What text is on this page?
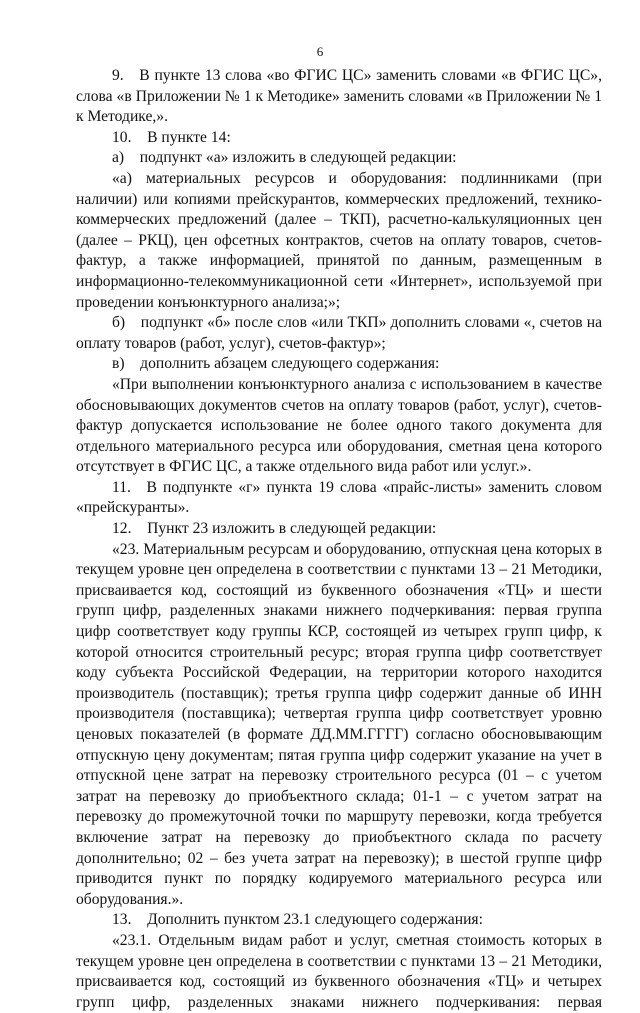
6

9. В пункте 13 слова «во ФГИС ЦС» заменить словами «в ФГИС ЦС», слова «в Приложении № 1 к Методике» заменить словами «в Приложении № 1 к Методике,».

10. В пункте 14:

а) подпункт «а» изложить в следующей редакции:

«а) материальных ресурсов и оборудования: подлинниками (при наличии) или копиями прейскурантов, коммерческих предложений, технико-коммерческих предложений (далее – ТКП), расчетно-калькуляционных цен (далее – РКЦ), цен офсетных контрактов, счетов на оплату товаров, счетов-фактур, а также информацией, принятой по данным, размещенным в информационно-телекоммуникационной сети «Интернет», используемой при проведении конъюнктурного анализа;»;

б) подпункт «б» после слов «или ТКП» дополнить словами «, счетов на оплату товаров (работ, услуг), счетов-фактур»;

в) дополнить абзацем следующего содержания:

«При выполнении конъюнктурного анализа с использованием в качестве обосновывающих документов счетов на оплату товаров (работ, услуг), счетов-фактур допускается использование не более одного такого документа для отдельного материального ресурса или оборудования, сметная цена которого отсутствует в ФГИС ЦС, а также отдельного вида работ или услуг.».

11. В подпункте «г» пункта 19 слова «прайс-листы» заменить словом «прейскуранты».

12. Пункт 23 изложить в следующей редакции:

«23. Материальным ресурсам и оборудованию, отпускная цена которых в текущем уровне цен определена в соответствии с пунктами 13 – 21 Методики, присваивается код, состоящий из буквенного обозначения «ТЦ» и шести групп цифр, разделенных знаками нижнего подчеркивания: первая группа цифр соответствует коду группы КСР, состоящей из четырех групп цифр, к которой относится строительный ресурс; вторая группа цифр соответствует коду субъекта Российской Федерации, на территории которого находится производитель (поставщик); третья группа цифр содержит данные об ИНН производителя (поставщика); четвертая группа цифр соответствует уровню ценовых показателей (в формате ДД.ММ.ГГГГ) согласно обосновывающим отпускную цену документам; пятая группа цифр содержит указание на учет в отпускной цене затрат на перевозку строительного ресурса (01 – с учетом затрат на перевозку до приобъектного склада; 01-1 – с учетом затрат на перевозку до промежуточной точки по маршруту перевозки, когда требуется включение затрат на перевозку до приобъектного склада по расчету дополнительно; 02 – без учета затрат на перевозку); в шестой группе цифр приводится пункт по порядку кодируемого материального ресурса или оборудования.».

13. Дополнить пунктом 23.1 следующего содержания:

«23.1. Отдельным видам работ и услуг, сметная стоимость которых в текущем уровне цен определена в соответствии с пунктами 13 – 21 Методики, присваивается код, состоящий из буквенного обозначения «ТЦ» и четырех групп цифр, разделенных знаками нижнего подчеркивания: первая
